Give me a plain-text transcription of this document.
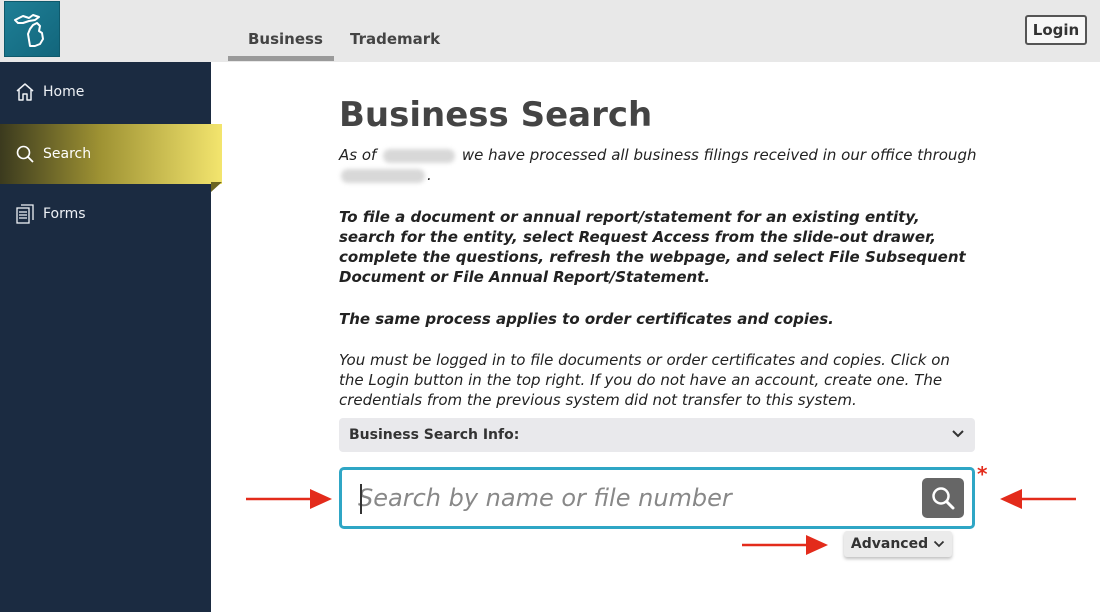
Business Trademark	Login
Home
Search
Forms
Business Search

As of	we have processed all business filings received in our office through .

To file a document or annual report/statement for an existing entity, search for the entity, select Request Access from the slide-out drawer, complete the questions, refresh the webpage, and select File Subsequent Document or File Annual Report/Statement.

The same process applies to order certificates and copies.

You must be logged in to file documents or order certificates and copies. Click on the Login button in the top right. If you do not have an account, create one. The credentials from the previous system did not transfer to this system.

Business Search Info:
Search by name or file number
*
Advanced
